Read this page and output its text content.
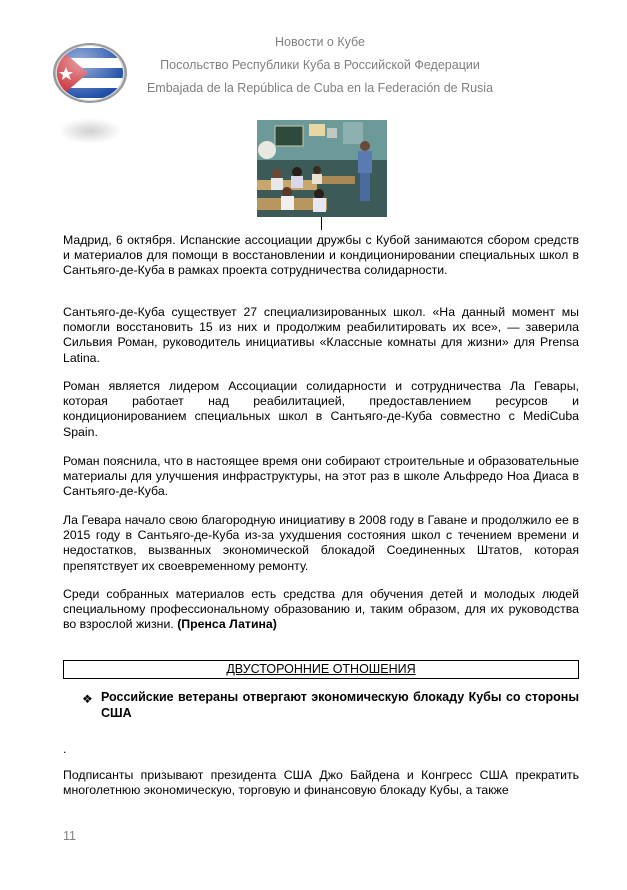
Новости о Кубе
Посольство Республики Куба в Российской Федерации
Embajada de la República de Cuba en la Federación de Rusia

Мадрид, 6 октября. Испанские ассоциации дружбы с Кубой занимаются сбором средств и материалов для помощи в восстановлении и кондиционировании специальных школ в Сантьяго-де-Куба в рамках проекта сотрудничества солидарности.

Сантьяго-де-Куба существует 27 специализированных школ. «На данный момент мы помогли восстановить 15 из них и продолжим реабилитировать их все», — заверила Сильвия Роман, руководитель инициативы «Классные комнаты для жизни» для Prensa Latina.

Роман является лидером Ассоциации солидарности и сотрудничества Ла Гевары, которая работает над реабилитацией, предоставлением ресурсов и кондиционированием специальных школ в Сантьяго-де-Куба совместно с MediCuba Spain.

Роман пояснила, что в настоящее время они собирают строительные и образовательные материалы для улучшения инфраструктуры, на этот раз в школе Альфредо Ноа Диаса в Сантьяго-де-Куба.

Ла Гевара начало свою благородную инициативу в 2008 году в Гаване и продолжило ее в 2015 году в Сантьяго-де-Куба из-за ухудшения состояния школ с течением времени и недостатков, вызванных экономической блокадой Соединенных Штатов, которая препятствует их своевременному ремонту.

Среди собранных материалов есть средства для обучения детей и молодых людей специальному профессиональному образованию и, таким образом, для их руководства во взрослой жизни. (Пренса Латина)

ДВУСТОРОННИЕ ОТНОШЕНИЯ
❖ Российские ветераны отвергают экономическую блокаду Кубы со стороны США

.

Подписанты призывают президента США Джо Байдена и Конгресс США прекратить многолетнюю экономическую, торговую и финансовую блокаду Кубы, а также

11
